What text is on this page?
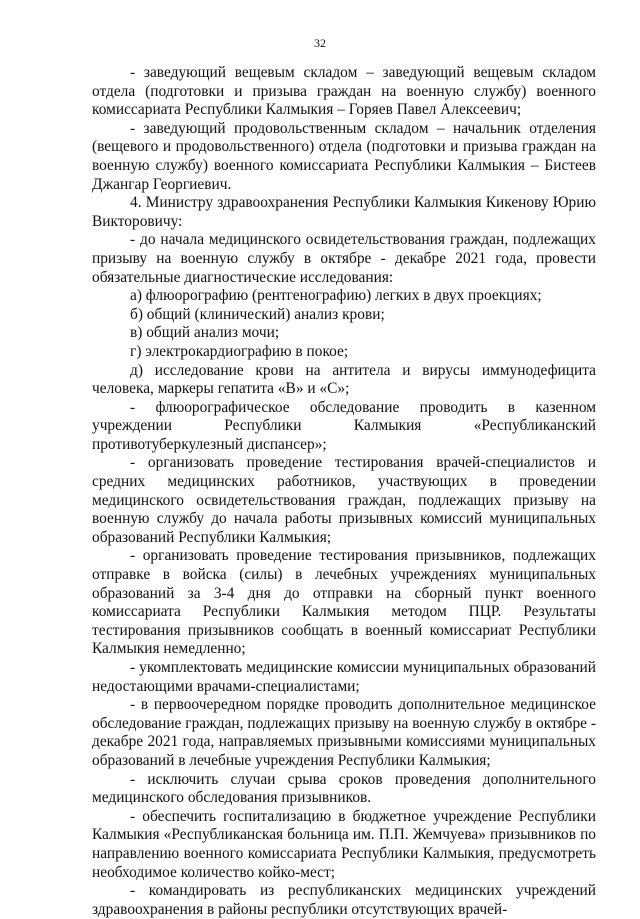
32

- заведующий вещевым складом – заведующий вещевым складом отдела (подготовки и призыва граждан на военную службу) военного комиссариата Республики Калмыкия – Горяев Павел Алексеевич;

- заведующий продовольственным складом – начальник отделения (вещевого и продовольственного) отдела (подготовки и призыва граждан на военную службу) военного комиссариата Республики Калмыкия – Бистеев Джангар Георгиевич.

4. Министру здравоохранения Республики Калмыкия Кикенову Юрию Викторовичу:

- до начала медицинского освидетельствования граждан, подлежащих призыву на военную службу в октябре - декабре 2021 года, провести обязательные диагностические исследования:

а) флюорографию (рентгенографию) легких в двух проекциях;

б) общий (клинический) анализ крови;

в) общий анализ мочи;

г) электрокардиографию в покое;

д) исследование крови на антитела и вирусы иммунодефицита человека, маркеры гепатита «В» и «С»;

- флюорографическое обследование проводить в казенном учреждении Республики Калмыкия «Республиканский противотуберкулезный диспансер»;

- организовать проведение тестирования врачей-специалистов и средних медицинских работников, участвующих в проведении медицинского освидетельствования граждан, подлежащих призыву на военную службу до начала работы призывных комиссий муниципальных образований Республики Калмыкия;

- организовать проведение тестирования призывников, подлежащих отправке в войска (силы) в лечебных учреждениях муниципальных образований за 3-4 дня до отправки на сборный пункт военного комиссариата Республики Калмыкия методом ПЦР. Результаты тестирования призывников сообщать в военный комиссариат Республики Калмыкия немедленно;

- укомплектовать медицинские комиссии муниципальных образований недостающими врачами-специалистами;

- в первоочередном порядке проводить дополнительное медицинское обследование граждан, подлежащих призыву на военную службу в октябре - декабре 2021 года, направляемых призывными комиссиями муниципальных образований в лечебные учреждения Республики Калмыкия;

- исключить случаи срыва сроков проведения дополнительного медицинского обследования призывников.

- обеспечить госпитализацию в бюджетное учреждение Республики Калмыкия «Республиканская больница им. П.П. Жемчуева» призывников по направлению военного комиссариата Республики Калмыкия, предусмотреть необходимое количество койко-мест;

- командировать из республиканских медицинских учреждений здравоохранения в районы республики отсутствующих врачей-
